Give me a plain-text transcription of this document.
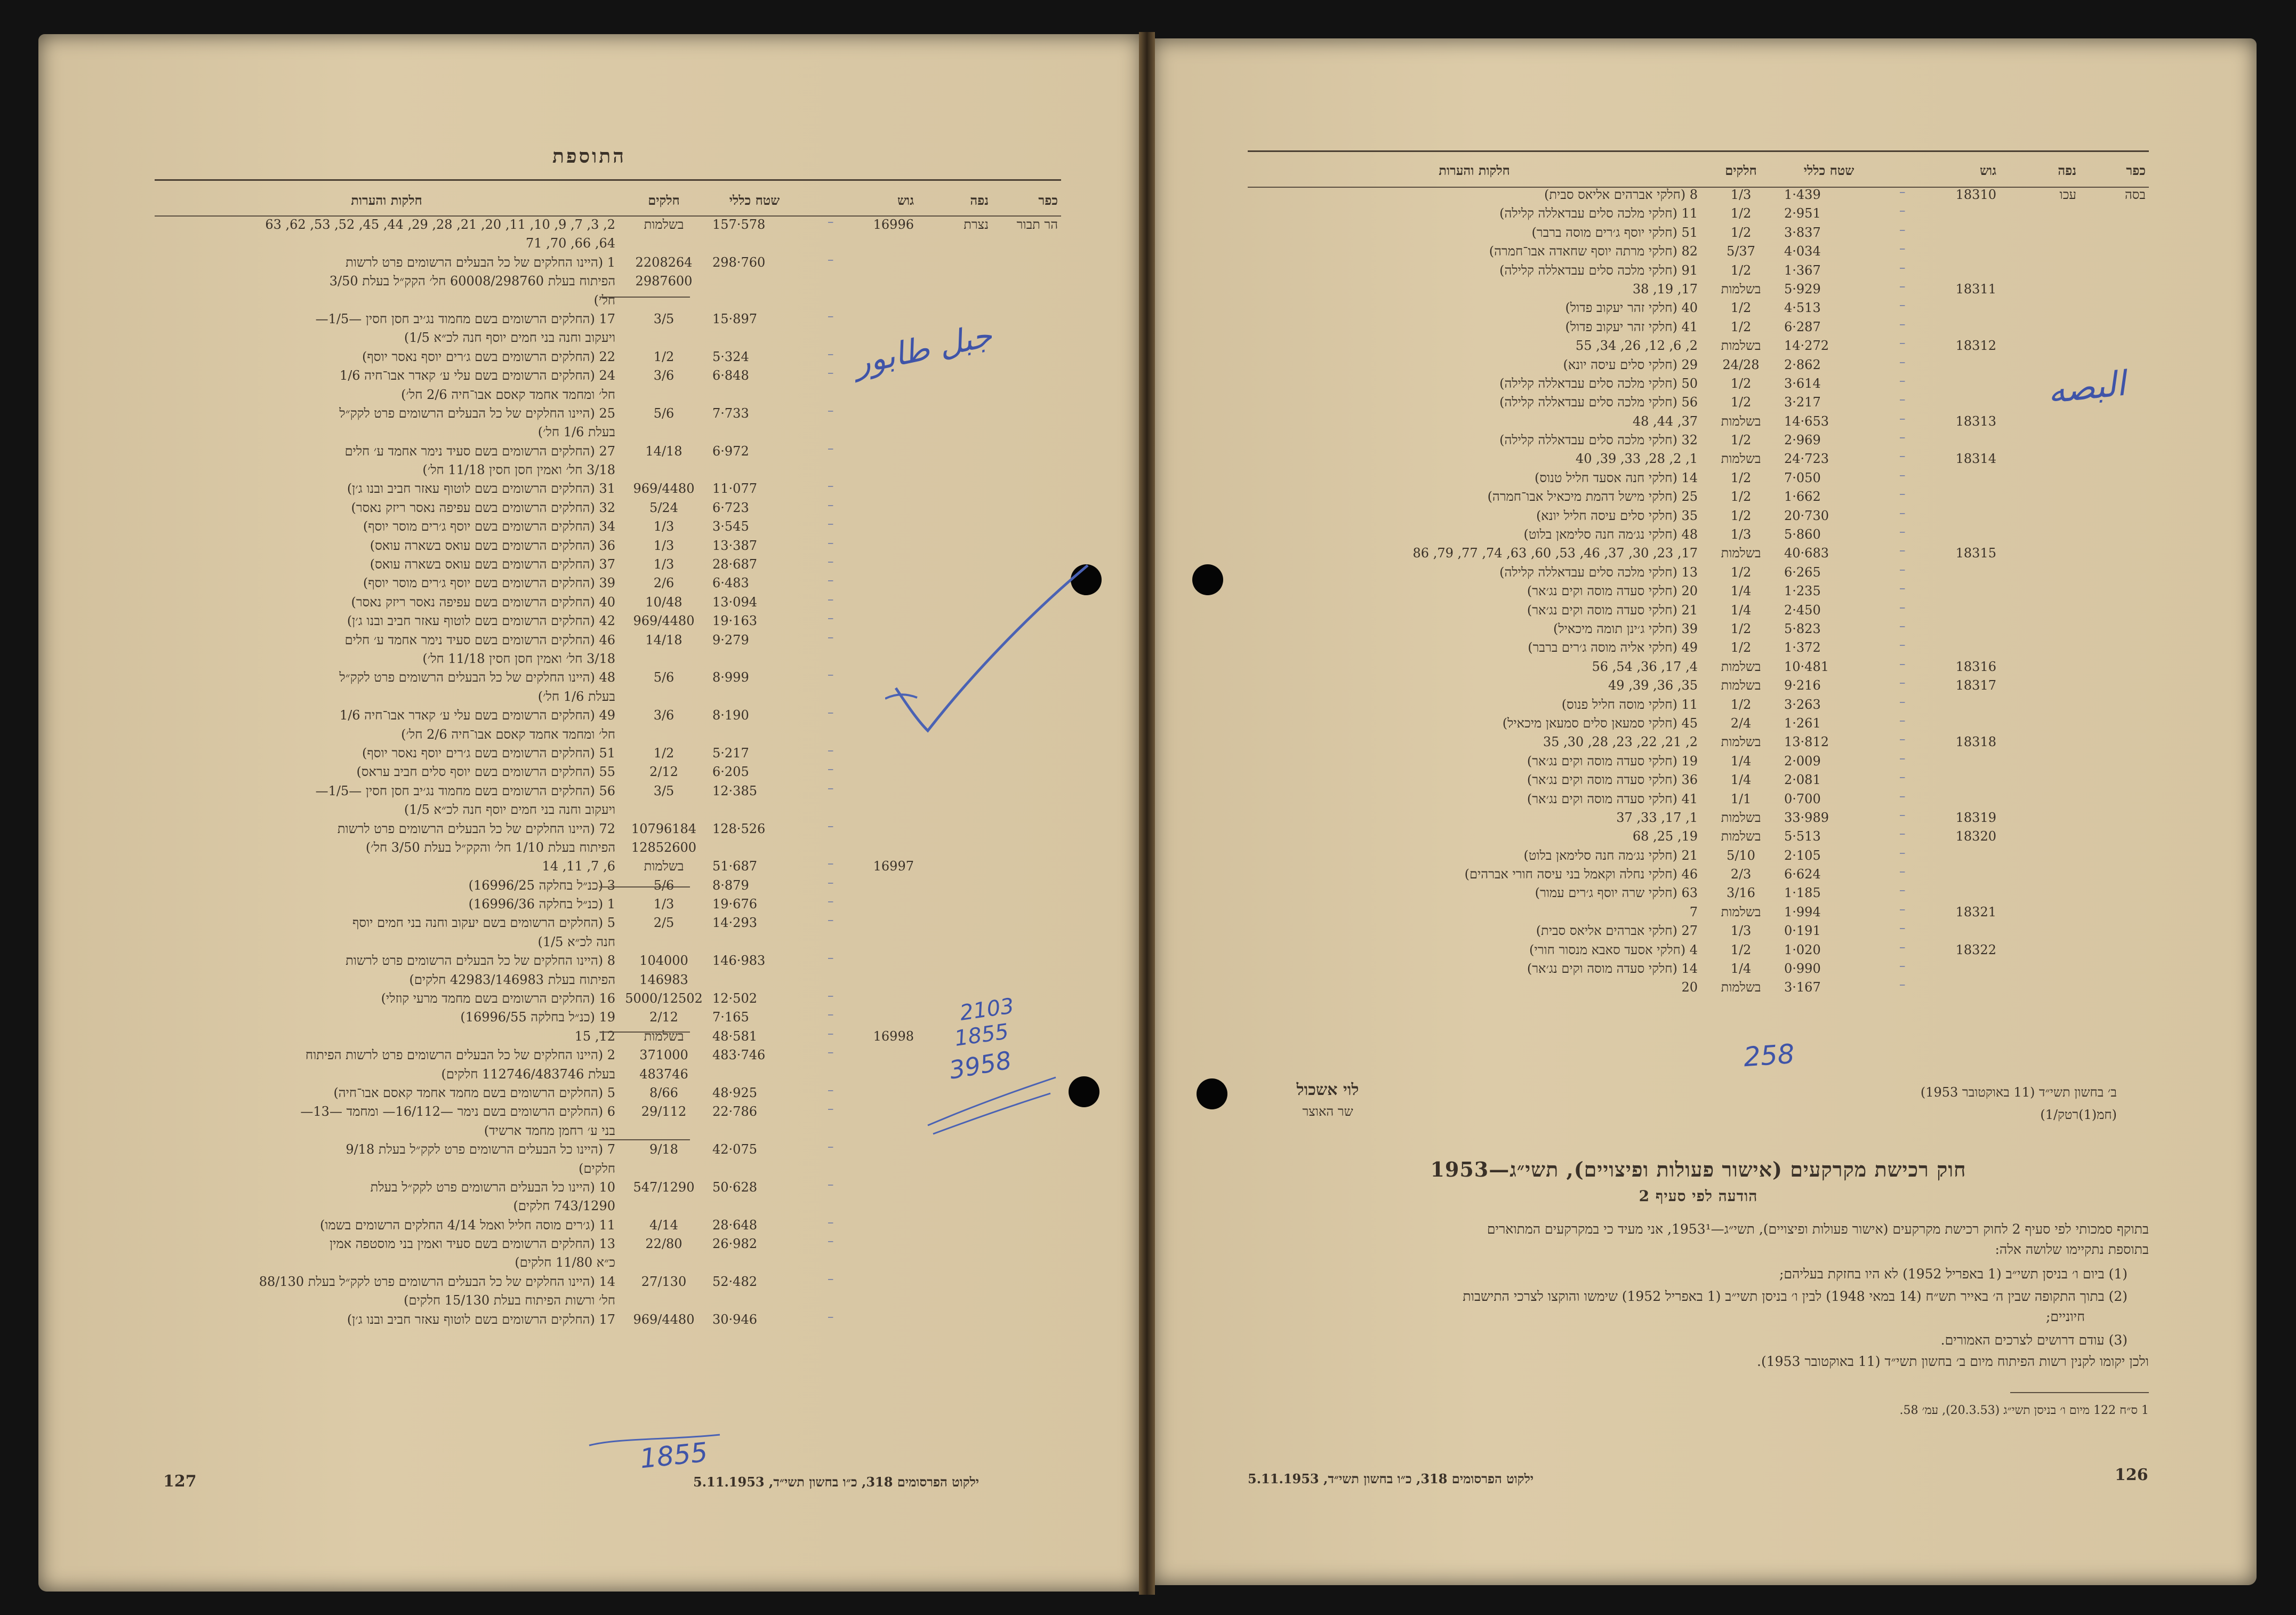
התוספת
כפר	נפה	גוש		שטח כללי	חלקים	חלקות והערות
הר תבור	נצרת	16996	⁻	157·578	בשלמות	2, 3, 7, 9, 10, 11, 20, 21, 28, 29, 44, 45, 52, 53, 62, 63
						64, 66, 70, 71
			⁻	298·760	2208264	1 (היינו החלקים של כל הבעלים הרשומים פרט לרשות
					2987600	הפיתוח בעלת 60008/298760 חל׳ הקק״ל בעלת 3/50
						חל׳)
			⁻	15·897	3/5	17 (החלקים הרשומים בשם מחמוד נג׳יב חסן חסין —1/5—
						ויעקוב וחנה בני חמים יוסף חנה לכ״א 1/5)
			⁻	5·324	1/2	22 (החלקים הרשומים בשם ג׳רים יוסף נאסר יוסף)
			⁻	6·848	3/6	24 (החלקים הרשומים בשם עלי ע׳ קאדר אבו־חיה 1/6
						חל׳ ומחמד אחמד קאסם אבו־חיה 2/6 חל׳)
			⁻	7·733	5/6	25 (היינו החלקים של כל הבעלים הרשומים פרט לקק״ל
						בעלת 1/6 חל׳)
			⁻	6·972	14/18	27 (החלקים הרשומים בשם סעיד נימר אחמד ע׳ חלים
						3/18 חל׳ ואמין חסן חסין 11/18 חל׳)
			⁻	11·077	969/4480	31 (החלקים הרשומים בשם לוטוף עאזר חביב ובנו ג׳ן)
			⁻	6·723	5/24	32 (החלקים הרשומים בשם עפיפה נאסר ריזק נאסר)
			⁻	3·545	1/3	34 (החלקים הרשומים בשם יוסף ג׳רים מוסר יוסף)
			⁻	13·387	1/3	36 (החלקים הרשומים בשם עואס בשארה עואס)
			⁻	28·687	1/3	37 (החלקים הרשומים בשם עואס בשארה עואס)
			⁻	6·483	2/6	39 (החלקים הרשומים בשם יוסף ג׳רים מוסר יוסף)
			⁻	13·094	10/48	40 (החלקים הרשומים בשם עפיפה נאסר ריזק נאסר)
			⁻	19·163	969/4480	42 (החלקים הרשומים בשם לוטוף עאזר חביב ובנו ג׳ן)
			⁻	9·279	14/18	46 (החלקים הרשומים בשם סעיד נימר אחמד ע׳ חלים
						3/18 חל׳ ואמין חסן חסין 11/18 חל׳)
			⁻	8·999	5/6	48 (היינו החלקים של כל הבעלים הרשומים פרט לקק״ל
						בעלת 1/6 חל׳)
			⁻	8·190	3/6	49 (החלקים הרשומים בשם עלי ע׳ קאדר אבו־חיה 1/6
						חל׳ ומחמד אחמד קאסם אבו־חיה 2/6 חל׳)
			⁻	5·217	1/2	51 (החלקים הרשומים בשם ג׳רים יוסף נאסר יוסף)
			⁻	6·205	2/12	55 (החלקים הרשומים בשם יוסף סלים חביב עראס)
			⁻	12·385	3/5	56 (החלקים הרשומים בשם מחמוד נג׳יב חסן חסין —1/5—
						ויעקוב וחנה בני חמים יוסף חנה לכ״א 1/5)
			⁻	128·526	10796184	72 (היינו החלקים של כל הבעלים הרשומים פרט לרשות
					12852600	הפיתוח בעלת 1/10 חל׳ והקק״ל בעלת 3/50 חל׳)
		16997	⁻	51·687	בשלמות	6, 7, 11, 14
			⁻	8·879	5/6	3 (כנ״ל בחלקה 16996/25)
			⁻	19·676	1/3	1 (כנ״ל בחלקה 16996/36)
			⁻	14·293	2/5	5 (החלקים הרשומים בשם יעקוב וחנה בני חמים יוסף
						חנה לכ״א 1/5)
			⁻	146·983	104000	8 (היינו החלקים של כל הבעלים הרשומים פרט לרשות
					146983	הפיתוח בעלת 42983/146983 חלקים)
			⁻	12·502	5000/12502	16 (החלקים הרשומים בשם מחמד מרעי קוזלי)
			⁻	7·165	2/12	19 (כנ״ל בחלקה 16996/55)
		16998	⁻	48·581	בשלמות	12, 15
			⁻	483·746	371000	2 (היינו החלקים של כל הבעלים הרשומים פרט לרשות הפיתוח
					483746	בעלת 112746/483746 חלקים)
			⁻	48·925	8/66	5 (החלקים הרשומים בשם מחמד אחמד קאסם אבו־חיה)
			⁻	22·786	29/112	6 (החלקים הרשומים בשם נימר —16/112— ומחמד —13—
						בני ע׳ רחמן מחמד ארשיד)
			⁻	42·075	9/18	7 (היינו כל הבעלים הרשומים פרט לקק״ל בעלת 9/18
						חלקים)
			⁻	50·628	547/1290	10 (היינו כל הבעלים הרשומים פרט לקק״ל בעלת
						743/1290 חלקים)
			⁻	28·648	4/14	11 (ג׳רים מוסה חליל ואמל 4/14 החלקים הרשומים בשמו)
			⁻	26·982	22/80	13 (החלקים הרשומים בשם סעיד ואמין בני מוסטפה אמין
						כ״א 11/80 חלקים)
			⁻	52·482	27/130	14 (היינו החלקים של כל הבעלים הרשומים פרט לקק״ל בעלת 88/130
						חל׳ ורשות הפיתוח בעלת 15/130 חלקים)
			⁻	30·946	969/4480	17 (החלקים הרשומים בשם לוטוף עאזר חביב ובנו ג׳ן)
127	ילקוט הפרסומים 318, כ״ו בחשון תשי״ד, 5.11.1953
جبل طابور
2103
1855
3958
1855
כפר	נפה	גוש		שטח כללי	חלקים	חלקות והערות
בסה	עכו	18310	⁻	1·439	1/3	8 (חלקי אברהים אליאס סבית)
			⁻	2·951	1/2	11 (חלקי מלכה סלים עבדאללה קלילה)
			⁻	3·837	1/2	51 (חלקי יוסף ג׳רים מוסה ברבר)
			⁻	4·034	5/37	82 (חלקי מרתה יוסף שחאדה אבו־חמרה)
			⁻	1·367	1/2	91 (חלקי מלכה סלים עבדאללה קלילה)
		18311	⁻	5·929	בשלמות	17, 19, 38
			⁻	4·513	1/2	40 (חלקי זהר יעקוב פדול)
			⁻	6·287	1/2	41 (חלקי זהר יעקוב פדול)
		18312	⁻	14·272	בשלמות	2, 6, 12, 26, 34, 55
			⁻	2·862	24/28	29 (חלקי סלים עיסה יונא)
			⁻	3·614	1/2	50 (חלקי מלכה סלים עבדאללה קלילה)
			⁻	3·217	1/2	56 (חלקי מלכה סלים עבדאללה קלילה)
		18313	⁻	14·653	בשלמות	37, 44, 48
			⁻	2·969	1/2	32 (חלקי מלכה סלים עבדאללה קלילה)
		18314	⁻	24·723	בשלמות	1, 2, 28, 33, 39, 40
			⁻	7·050	1/2	14 (חלקי חנה אסעד חליל טנוס)
			⁻	1·662	1/2	25 (חלקי מישל דהמת מיכאיל אבו־חמרה)
			⁻	20·730	1/2	35 (חלקי סלים עיסה חליל יונא)
			⁻	5·860	1/3	48 (חלקי נג׳מה חנה סלימאן בלוט)
		18315	⁻	40·683	בשלמות	17, 23, 30, 37, 46, 53, 60, 63, 74, 77, 79, 86
			⁻	6·265	1/2	13 (חלקי מלכה סלים עבדאללה קלילה)
			⁻	1·235	1/4	20 (חלקי סעדה מוסה וקים נג׳אר)
			⁻	2·450	1/4	21 (חלקי סעדה מוסה וקים נג׳אר)
			⁻	5·823	1/2	39 (חלקי ג׳ינן תומה מיכאיל)
			⁻	1·372	1/2	49 (חלקי אליה מוסה ג׳רים ברבר)
		18316	⁻	10·481	בשלמות	4, 17, 36, 54, 56
		18317	⁻	9·216	בשלמות	35, 36, 39, 49
			⁻	3·263	1/2	11 (חלקי מוסה חליל פנוס)
			⁻	1·261	2/4	45 (חלקי סמעאן סלים סמעאן מיכאיל)
		18318	⁻	13·812	בשלמות	2, 21, 22, 23, 28, 30, 35
			⁻	2·009	1/4	19 (חלקי סעדה מוסה וקים נג׳אר)
			⁻	2·081	1/4	36 (חלקי סעדה מוסה וקים נג׳אר)
			⁻	0·700	1/1	41 (חלקי סעדה מוסה וקים נג׳אר)
		18319	⁻	33·989	בשלמות	1, 17, 33, 37
		18320	⁻	5·513	בשלמות	19, 25, 68
			⁻	2·105	5/10	21 (חלקי נג׳מה חנה סלימאן בלוט)
			⁻	6·624	2/3	46 (חלקי נחלה וקאמל בני עיסה חורי אברהים)
			⁻	1·185	3/16	63 (חלקי שרה יוסף ג׳רים עמור)
		18321	⁻	1·994	בשלמות	7
			⁻	0·191	1/3	27 (חלקי אברהים אליאס סבית)
		18322	⁻	1·020	1/2	4 (חלקי אסעד סאבא מנסור חורי)
			⁻	0·990	1/4	14 (חלקי סעדה מוסה וקים נג׳אר)
			⁻	3·167	בשלמות	20
ב׳ בחשון תשי״ד (11 באוקטובר 1953)
(חמ(1)רטק/1)
לוי אשכול
שר האוצר
חוק רכישת מקרקעים (אישור פעולות ופיצויים), תשי״ג—1953
הודעה לפי סעיף 2
בתוקף סמכותי לפי סעיף 2 לחוק רכישת מקרקעים (אישור פעולות ופיצויים), תשי״ג—1953¹, אני מעיד כי במקרקעים המתוארים
בתוספת נתקיימו שלושה אלה:
(1) ביום ו׳ בניסן תשי״ב (1 באפריל 1952) לא היו בחזקת בעליהם;
(2) בתוך התקופה שבין ה׳ באייר תש״ח (14 במאי 1948) לבין ו׳ בניסן תשי״ב (1 באפריל 1952) שימשו והוקצו לצרכי התישבות
חיוניים;
(3) עודם דרושים לצרכים האמורים.
ולכן יקומו לקנין רשות הפיתוח מיום ב׳ בחשון תשי״ד (11 באוקטובר 1953).
1 ס״ח 122 מיום ו׳ בניסן תשי״ג (20.3.53), עמ׳ 58.
126
ילקוט הפרסומים 318, כ״ו בחשון תשי״ד, 5.11.1953
البصه
258
